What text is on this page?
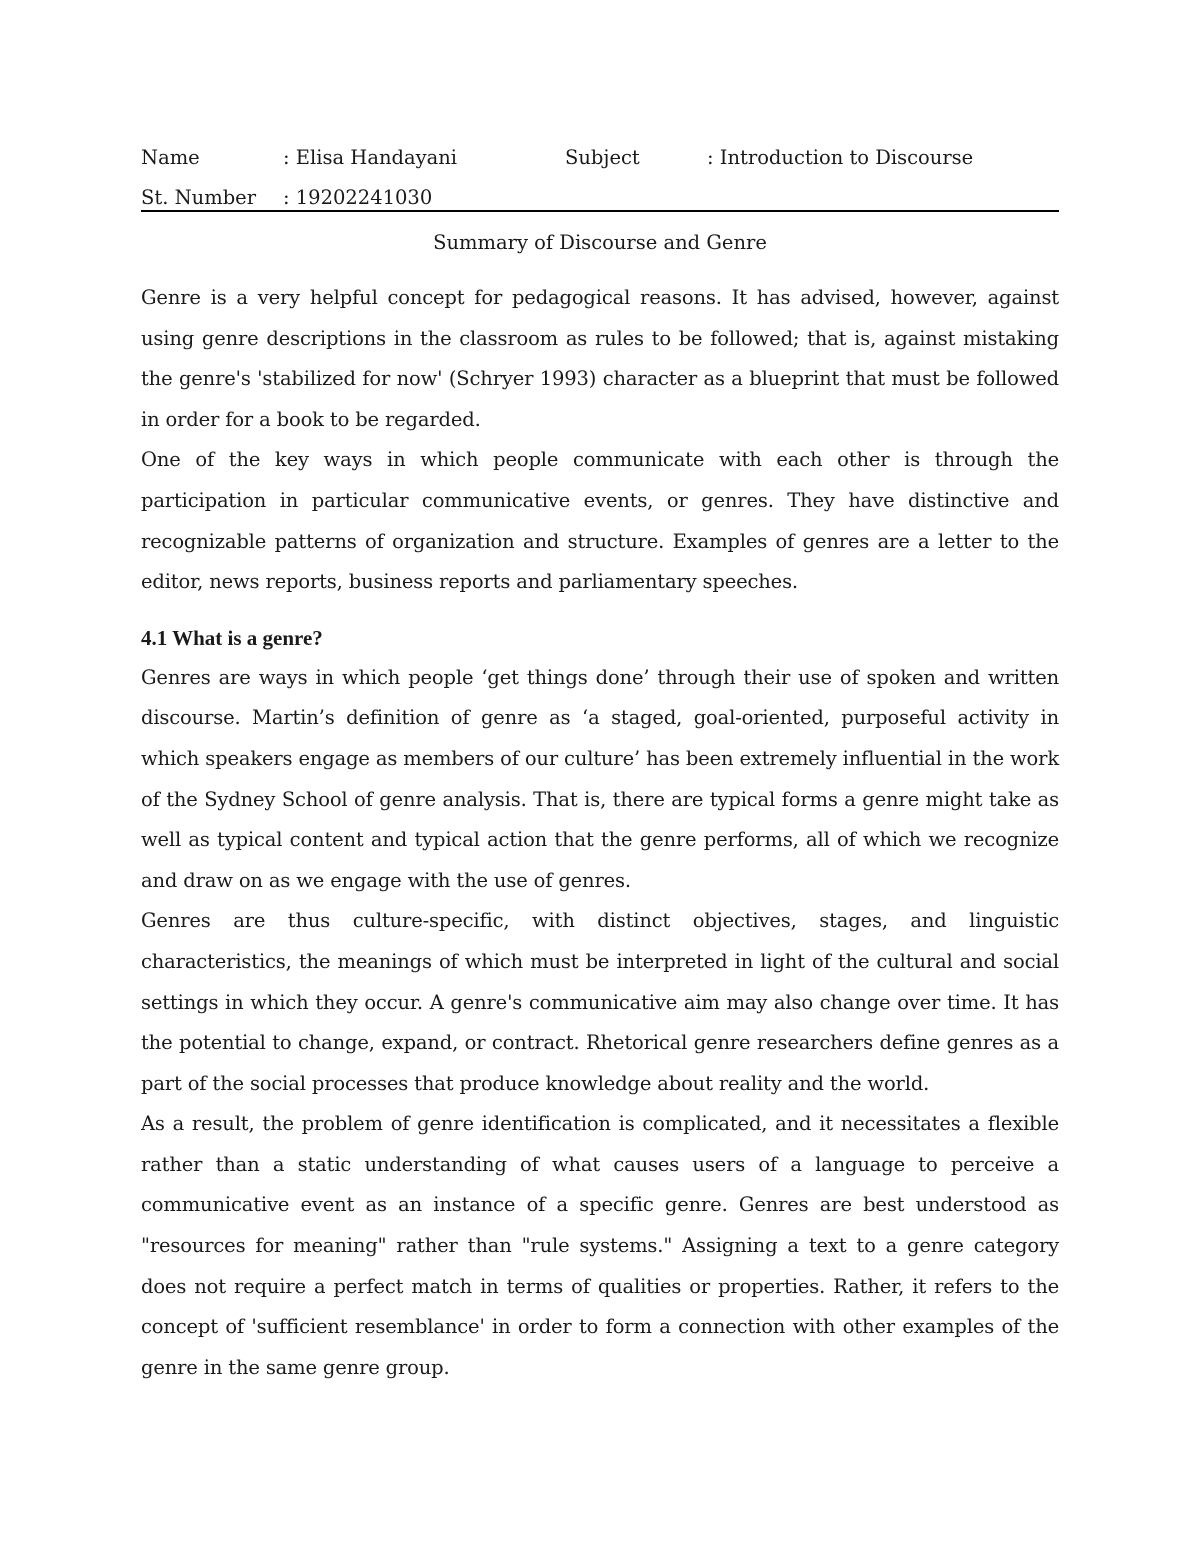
Name	: Elisa Handayani	Subject	: Introduction to Discourse
St. Number : 19202241030
Summary of Discourse and Genre

Genre is a very helpful concept for pedagogical reasons. It has advised, however, against using genre descriptions in the classroom as rules to be followed; that is, against mistaking the genre's 'stabilized for now' (Schryer 1993) character as a blueprint that must be followed in order for a book to be regarded.

One of the key ways in which people communicate with each other is through the participation in particular communicative events, or genres. They have distinctive and recognizable patterns of organization and structure. Examples of genres are a letter to the editor, news reports, business reports and parliamentary speeches.

4.1 What is a genre?

Genres are ways in which people ‘get things done’ through their use of spoken and written discourse. Martin’s definition of genre as ‘a staged, goal-oriented, purposeful activity in which speakers engage as members of our culture’ has been extremely influential in the work of the Sydney School of genre analysis. That is, there are typical forms a genre might take as well as typical content and typical action that the genre performs, all of which we recognize and draw on as we engage with the use of genres.

Genres are thus culture-specific, with distinct objectives, stages, and linguistic characteristics, the meanings of which must be interpreted in light of the cultural and social settings in which they occur. A genre's communicative aim may also change over time. It has the potential to change, expand, or contract. Rhetorical genre researchers define genres as a part of the social processes that produce knowledge about reality and the world.

As a result, the problem of genre identification is complicated, and it necessitates a flexible rather than a static understanding of what causes users of a language to perceive a communicative event as an instance of a specific genre. Genres are best understood as "resources for meaning" rather than "rule systems." Assigning a text to a genre category does not require a perfect match in terms of qualities or properties. Rather, it refers to the concept of 'sufficient resemblance' in order to form a connection with other examples of the genre in the same genre group.
